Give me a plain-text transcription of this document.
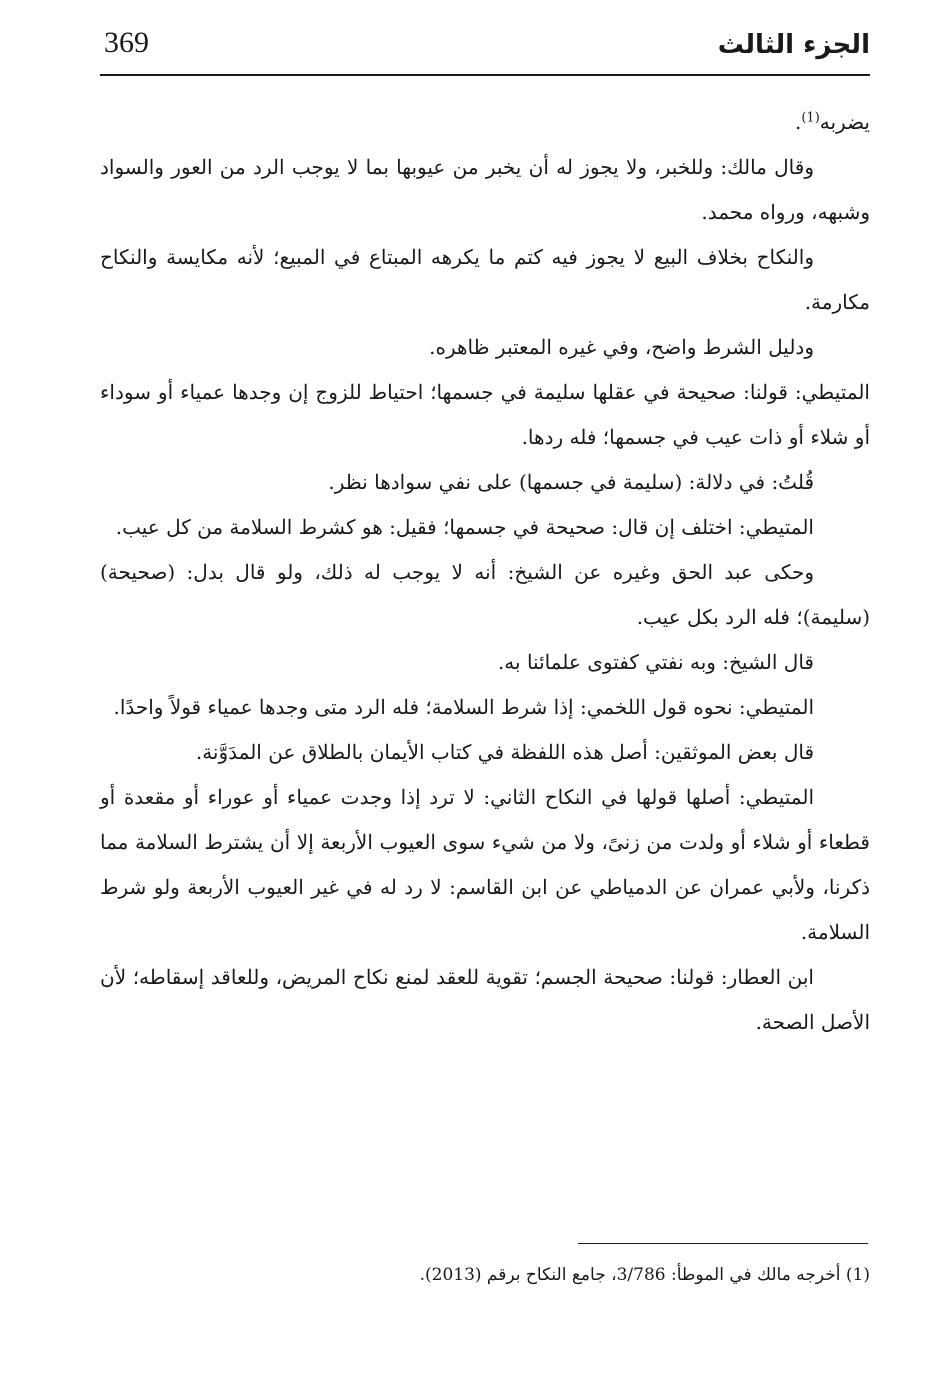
369	الجزء الثالث

يضربه$^{(1)}$.

وقال مالك: وللخبر، ولا يجوز له أن يخبر من عيوبها بما لا يوجب الرد من العور والسواد وشبهه، ورواه محمد.

والنكاح بخلاف البيع لا يجوز فيه كتم ما يكرهه المبتاع في المبيع؛ لأنه مكايسة والنكاح مكارمة.

ودليل الشرط واضح، وفي غيره المعتبر ظاهره.

المتيطي: قولنا: صحيحة في عقلها سليمة في جسمها؛ احتياط للزوج إن وجدها عمياء أو سوداء أو شلاء أو ذات عيب في جسمها؛ فله ردها.

قُلتُ: في دلالة: (سليمة في جسمها) على نفي سوادها نظر.

المتيطي: اختلف إن قال: صحيحة في جسمها؛ فقيل: هو كشرط السلامة من كل عيب.

وحكى عبد الحق وغيره عن الشيخ: أنه لا يوجب له ذلك، ولو قال بدل: (صحيحة) (سليمة)؛ فله الرد بكل عيب.

قال الشيخ: وبه نفتي كفتوى علمائنا به.

المتيطي: نحوه قول اللخمي: إذا شرط السلامة؛ فله الرد متى وجدها عمياء قولاً واحدًا.

قال بعض الموثقين: أصل هذه اللفظة في كتاب الأيمان بالطلاق عن المدَوَّنة.

المتيطي: أصلها قولها في النكاح الثاني: لا ترد إذا وجدت عمياء أو عوراء أو مقعدة أو قطعاء أو شلاء أو ولدت من زنىً، ولا من شيء سوى العيوب الأربعة إلا أن يشترط السلامة مما ذكرنا، ولأبي عمران عن الدمياطي عن ابن القاسم: لا رد له في غير العيوب الأربعة ولو شرط السلامة.

ابن العطار: قولنا: صحيحة الجسم؛ تقوية للعقد لمنع نكاح المريض، وللعاقد إسقاطه؛ لأن الأصل الصحة.

(1) أخرجه مالك في الموطأ: 3/786، جامع النكاح برقم (2013).
